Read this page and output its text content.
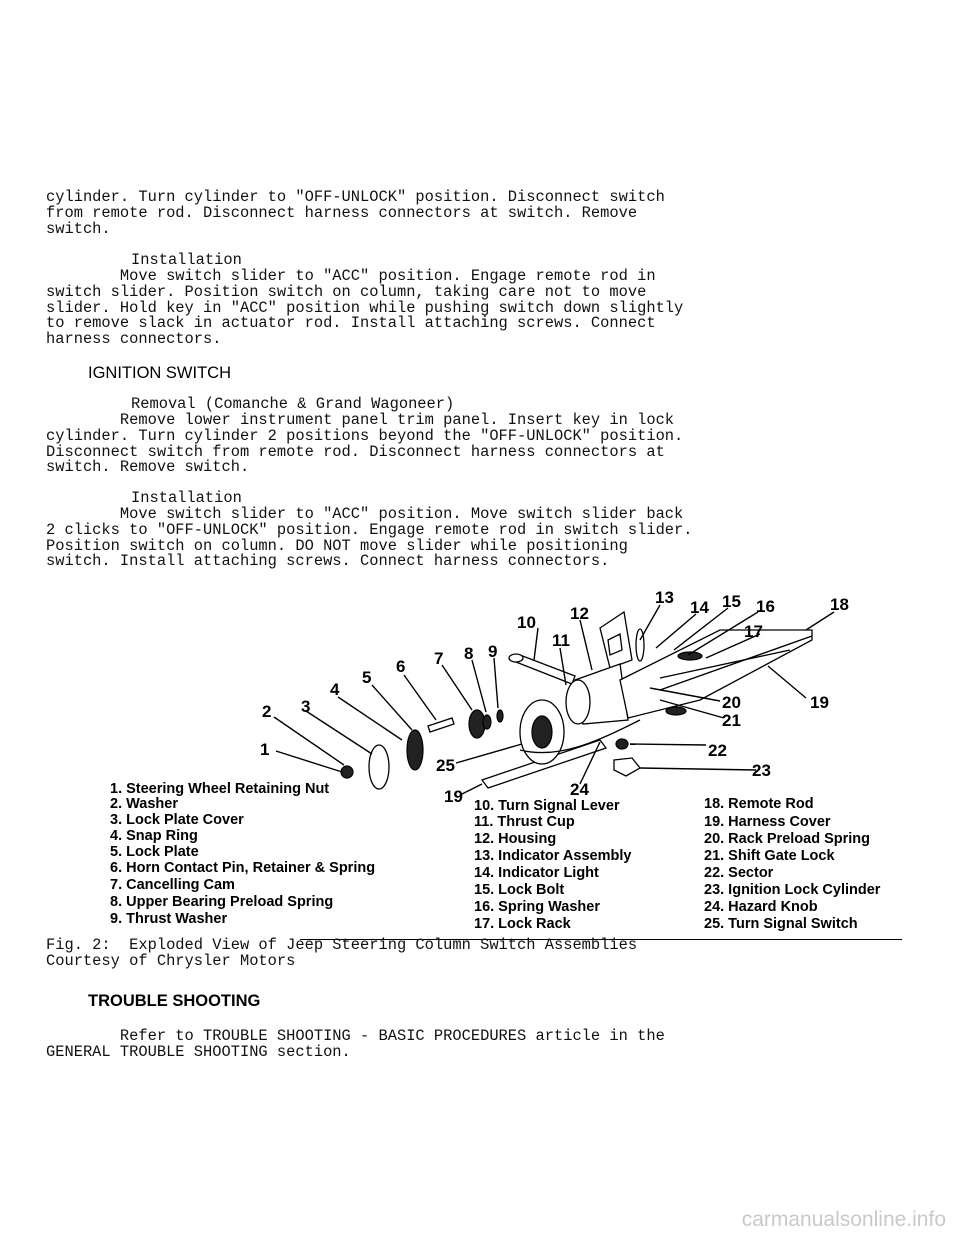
cylinder. Turn cylinder to "OFF-UNLOCK" position. Disconnect switch
from remote rod. Disconnect harness connectors at switch. Remove
switch.
Installation
Move switch slider to "ACC" position. Engage remote rod in
switch slider. Position switch on column, taking care not to move
slider. Hold key in "ACC" position while pushing switch down slightly
to remove slack in actuator rod. Install attaching screws. Connect
harness connectors.
IGNITION SWITCH
Removal (Comanche & Grand Wagoneer)
Remove lower instrument panel trim panel. Insert key in lock
cylinder. Turn cylinder 2 positions beyond the "OFF-UNLOCK" position.
Disconnect switch from remote rod. Disconnect harness connectors at
switch. Remove switch.
Installation
Move switch slider to "ACC" position. Move switch slider back
2 clicks to "OFF-UNLOCK" position. Engage remote rod in switch slider.
Position switch on column. DO NOT move slider while positioning
switch. Install attaching screws. Connect harness connectors.
1
2 3
4
5
6 7 8 9
10
11
12
13
14 15 16
17
18
19
19
20
21
22
23
24
25
1. Steering Wheel Retaining Nut
2. Washer
3. Lock Plate Cover
4. Snap Ring
5. Lock Plate
6. Horn Contact Pin, Retainer & Spring
7. Cancelling Cam
8. Upper Bearing Preload Spring
9. Thrust Washer
10. Turn Signal Lever
11. Thrust Cup
12. Housing
13. Indicator Assembly
14. Indicator Light
15. Lock Bolt
16. Spring Washer
17. Lock Rack
18. Remote Rod
19. Harness Cover
20. Rack Preload Spring
21. Shift Gate Lock
22. Sector
23. Ignition Lock Cylinder
24. Hazard Knob
25. Turn Signal Switch
Fig. 2:  Exploded View of Jeep Steering Column Switch Assemblies
Courtesy of Chrysler Motors
TROUBLE SHOOTING
Refer to TROUBLE SHOOTING - BASIC PROCEDURES article in the
GENERAL TROUBLE SHOOTING section.
carmanualsonline.info
